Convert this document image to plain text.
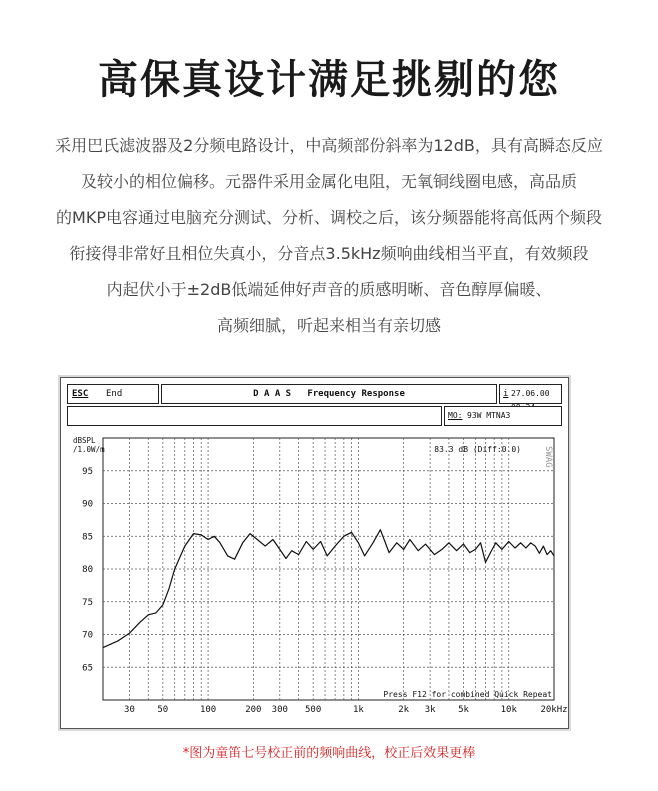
高保真设计满足挑剔的您
采用巴氏滤波器及2分频电路设计，中高频部份斜率为12dB，具有高瞬态反应
及较小的相位偏移。元器件采用金属化电阻，无氧铜线圈电感，高品质
的MKP电容通过电脑充分测试、分析、调校之后，该分频器能将高低两个频段
衔接得非常好且相位失真小，分音点3.5kHz频响曲线相当平直，有效频段
内起伏小于±2dB低端延伸好声音的质感明晰、音色醇厚偏暖、
高频细腻，听起来相当有亲切感
ESC End	D A A S   Frequency Response	i 27.06.00
MO: 93W MTNA3
65
70
75
80
85
90
95
30	50	100	200 300 500	1k	2k 3k	5k	10k	20kHz
dBSPL
/1.0W/m	83.3 dB (Diff:0.0) SWAG
Press F12 for combined Quick Repeat
*图为童笛七号校正前的频响曲线，校正后效果更棒
